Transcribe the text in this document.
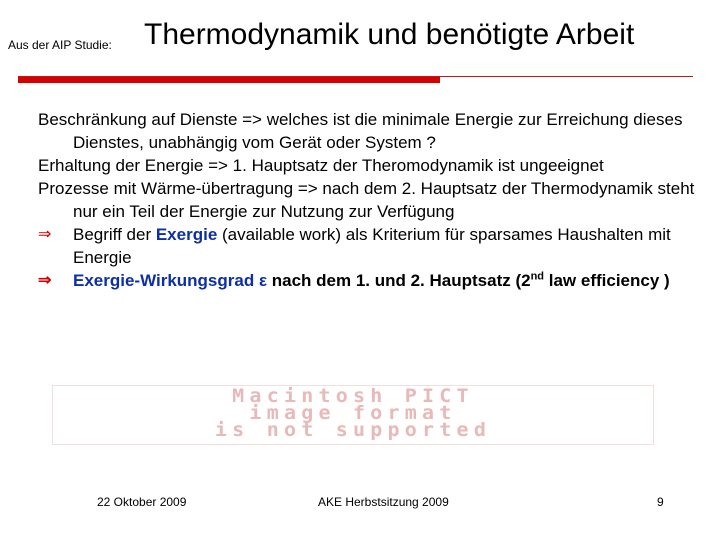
Aus der AIP Studie: Thermodynamik und benötigte Arbeit

Beschränkung auf Dienste => welches ist die minimale Energie zur Erreichung dieses Dienstes, unabhängig vom Gerät oder System ?

Erhaltung der Energie => 1. Hauptsatz der Theromodynamik ist ungeeignet

Prozesse mit Wärme-übertragung => nach dem 2. Hauptsatz der Thermodynamik steht nur ein Teil der Energie zur Nutzung zur Verfügung

⇒ Begriff der Exergie (available work) als Kriterium für sparsames Haushalten mit Energie

⇒ Exergie-Wirkungsgrad ε nach dem 1. und 2. Hauptsatz (2nd law efficiency )

Macintosh PICT
image format
is not supported
22 Oktober 2009	AKE Herbstsitzung 2009	9
